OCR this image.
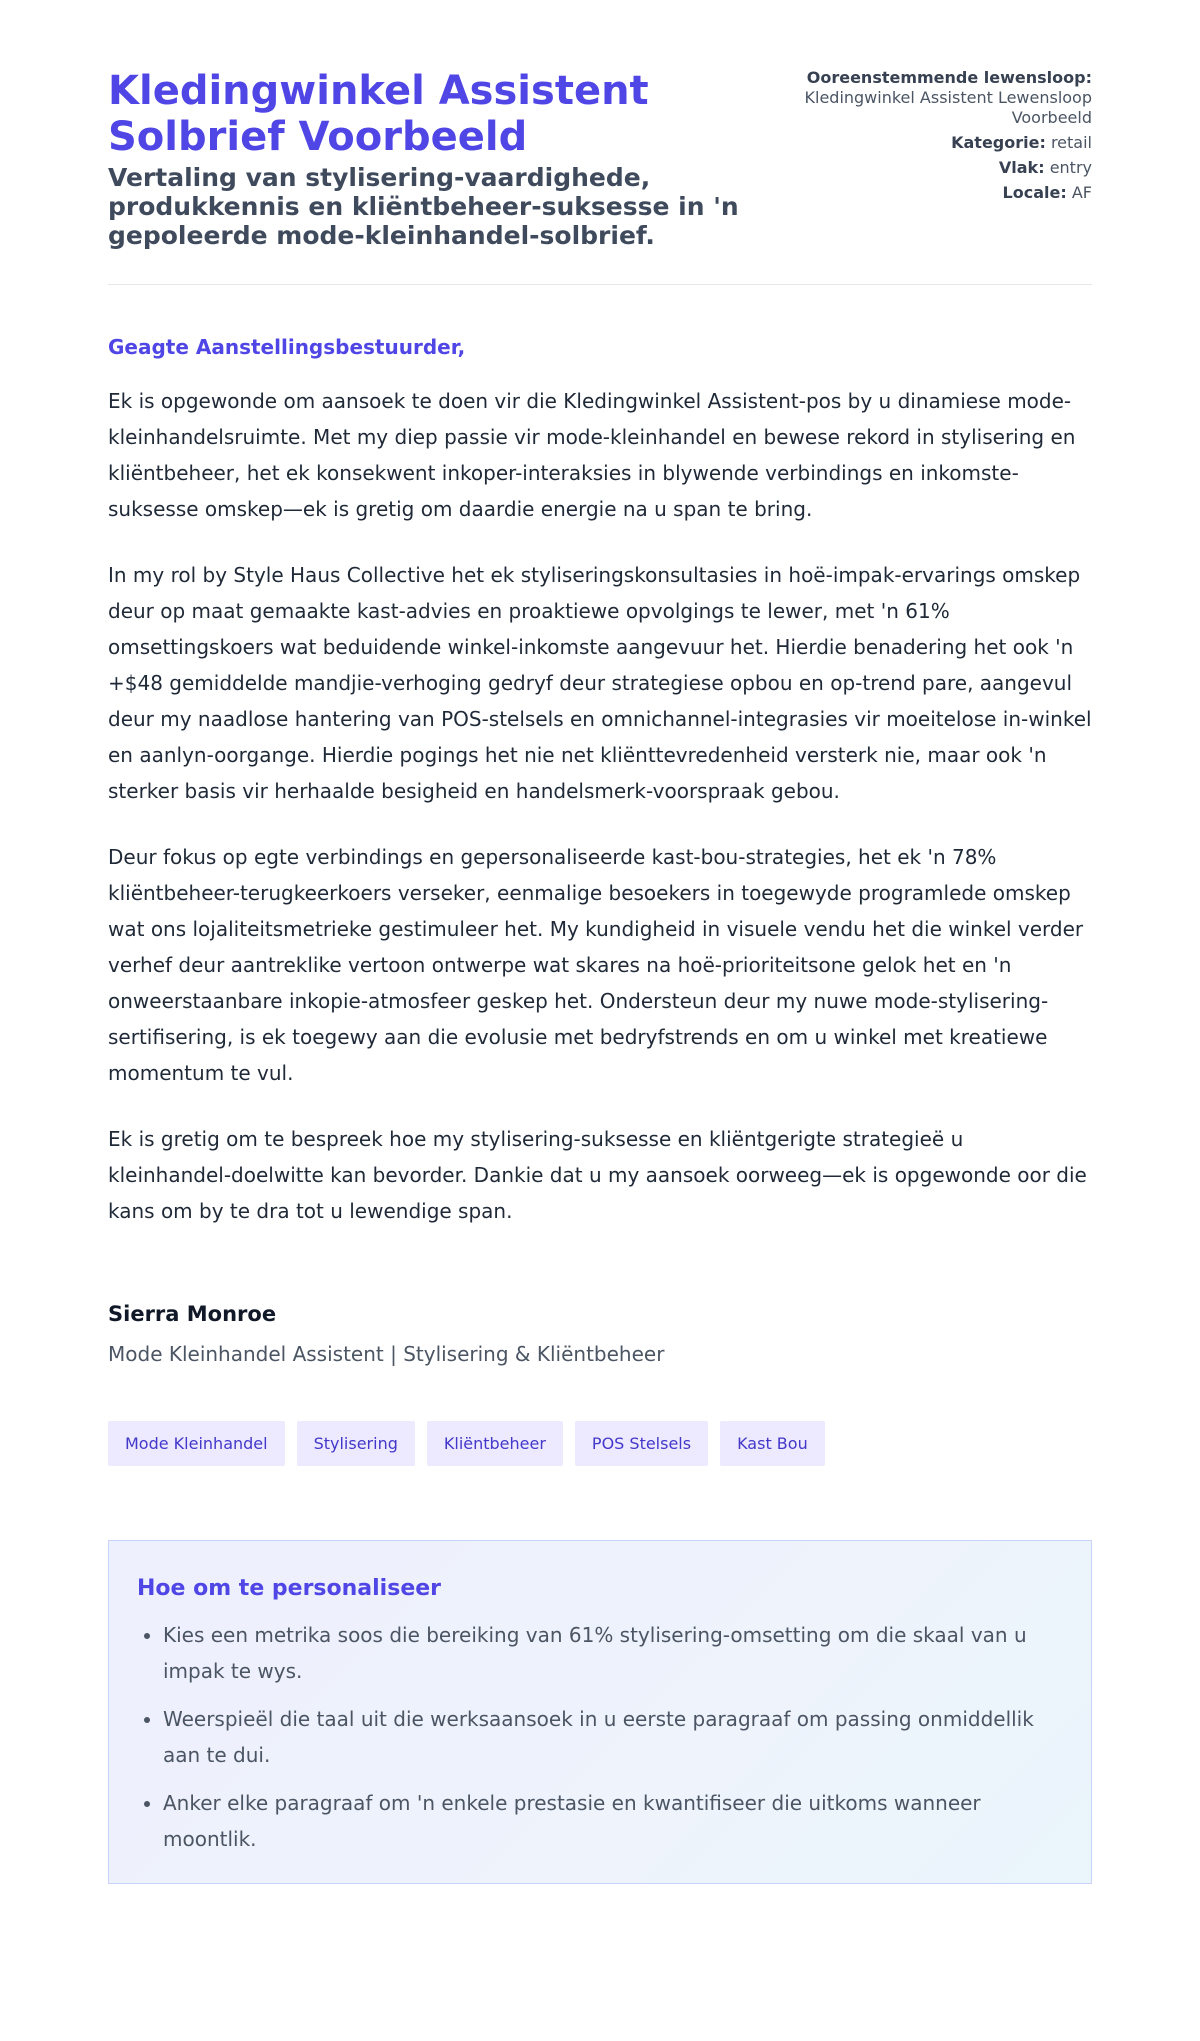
Kledingwinkel Assistent Solbrief Voorbeeld
Vertaling van stylisering-vaardighede, produkkennis en kliëntbeheer-suksesse in 'n gepoleerde mode-kleinhandel-solbrief.
Ooreenstemmende lewensloop: Kledingwinkel Assistent Lewensloop Voorbeeld
Kategorie: retail
Vlak: entry
Locale: AF
Geagte Aanstellingsbestuurder,

Ek is opgewonde om aansoek te doen vir die Kledingwinkel Assistent-pos by u dinamiese mode-kleinhandelsruimte. Met my diep passie vir mode-kleinhandel en bewese rekord in stylisering en kliëntbeheer, het ek konsekwent inkoper-interaksies in blywende verbindings en inkomste-suksesse omskep—ek is gretig om daardie energie na u span te bring.

In my rol by Style Haus Collective het ek styliseringskonsultasies in hoë-impak-ervarings omskep deur op maat gemaakte kast-advies en proaktiewe opvolgings te lewer, met 'n 61% omsettingskoers wat beduidende winkel-inkomste aangevuur het. Hierdie benadering het ook 'n +$48 gemiddelde mandjie-verhoging gedryf deur strategiese opbou en op-trend pare, aangevul deur my naadlose hantering van POS-stelsels en omnichannel-integrasies vir moeitelose in-winkel en aanlyn-oorgange. Hierdie pogings het nie net kliënttevredenheid versterk nie, maar ook 'n sterker basis vir herhaalde besigheid en handelsmerk-voorspraak gebou.

Deur fokus op egte verbindings en gepersonaliseerde kast-bou-strategies, het ek 'n 78% kliëntbeheer-terugkeerkoers verseker, eenmalige besoekers in toegewyde programlede omskep wat ons lojaliteitsmetrieke gestimuleer het. My kundigheid in visuele vendu het die winkel verder verhef deur aantreklike vertoon ontwerpe wat skares na hoë-prioriteitsone gelok het en 'n onweerstaanbare inkopie-atmosfeer geskep het. Ondersteun deur my nuwe mode-stylisering-sertifisering, is ek toegewy aan die evolusie met bedryfstrends en om u winkel met kreatiewe momentum te vul.

Ek is gretig om te bespreek hoe my stylisering-suksesse en kliëntgerigte strategieë u kleinhandel-doelwitte kan bevorder. Dankie dat u my aansoek oorweeg—ek is opgewonde oor die kans om by te dra tot u lewendige span.

Sierra Monroe
Mode Kleinhandel Assistent | Stylisering & Kliëntbeheer
Mode Kleinhandel	Stylisering	Kliëntbeheer	POS Stelsels	Kast Bou
Hoe om te personaliseer
• Kies een metrika soos die bereiking van 61% stylisering-omsetting om die skaal van u impak te wys.
• Weerspieël die taal uit die werksaansoek in u eerste paragraaf om passing onmiddellik aan te dui.
• Anker elke paragraaf om 'n enkele prestasie en kwantifiseer die uitkoms wanneer moontlik.
